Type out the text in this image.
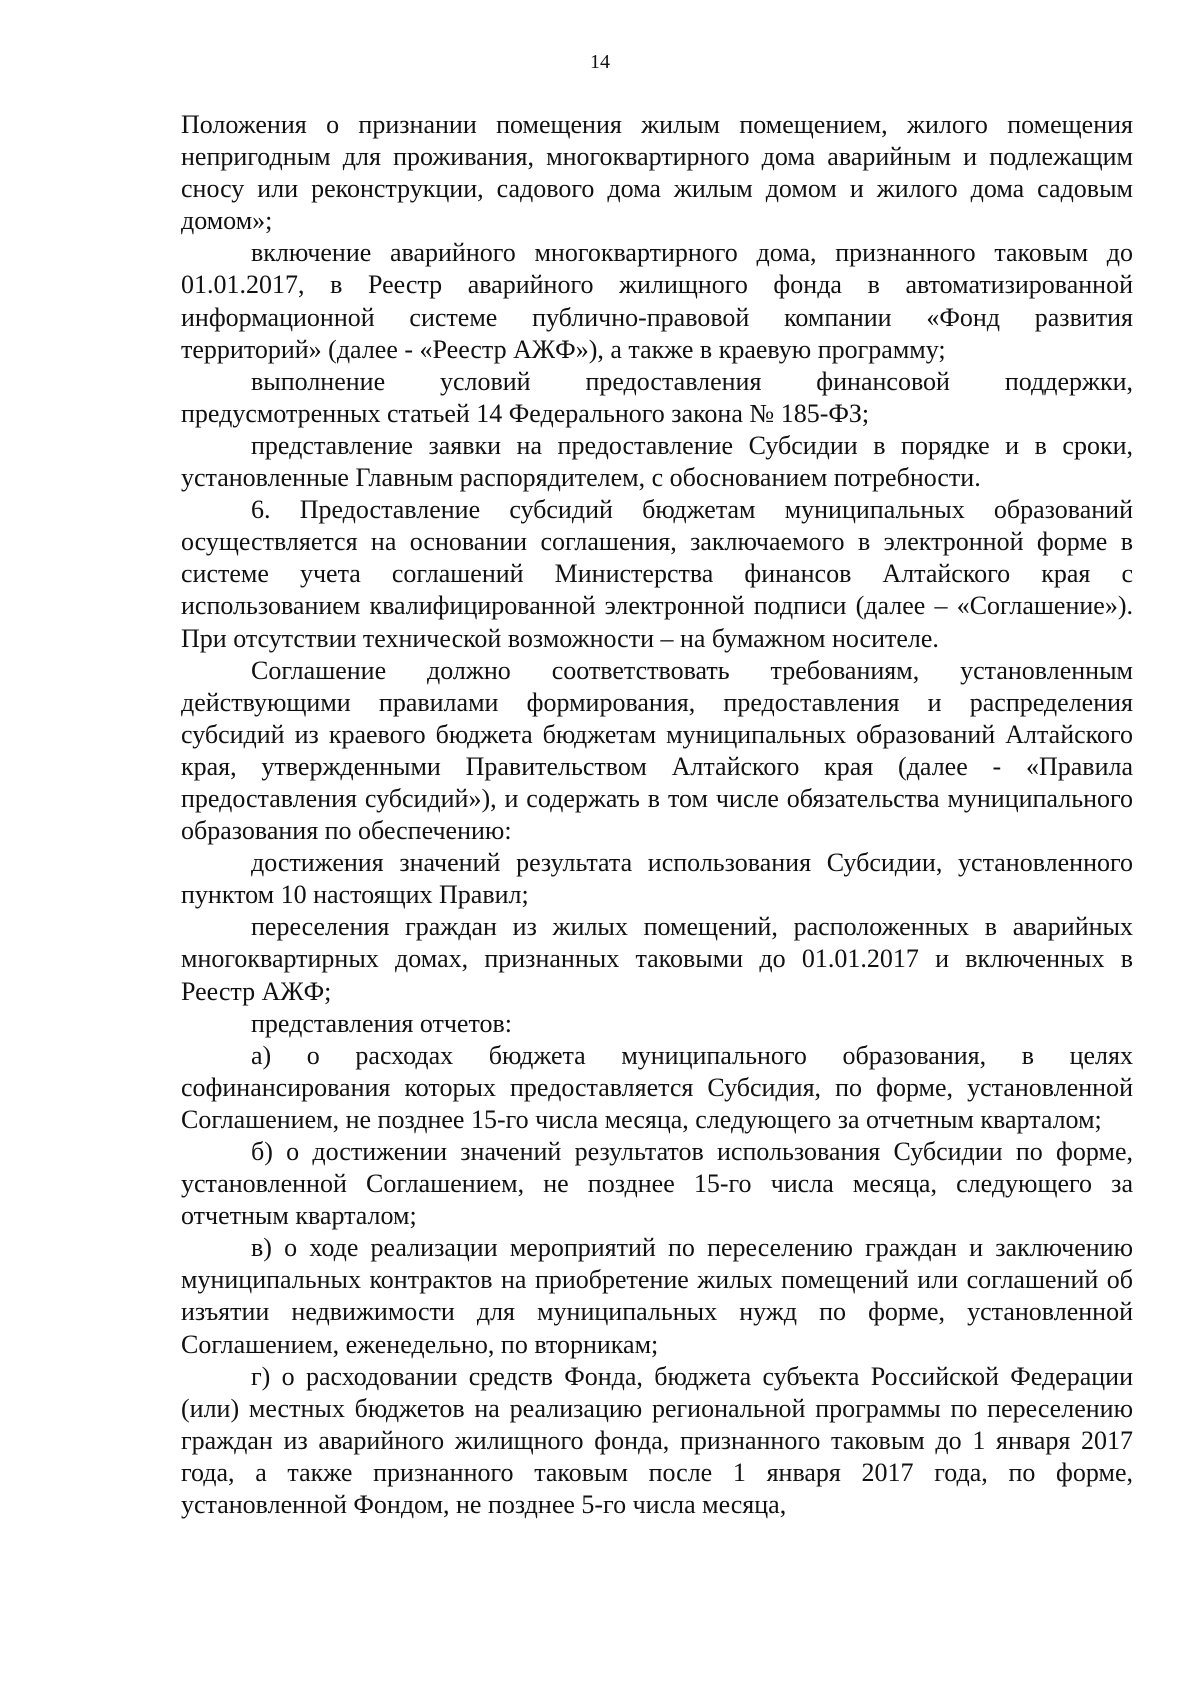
14

Положения о признании помещения жилым помещением, жилого помещения непригодным для проживания, многоквартирного дома аварийным и подлежащим сносу или реконструкции, садового дома жилым домом и жилого дома садовым домом»;

включение аварийного многоквартирного дома, признанного таковым до 01.01.2017, в Реестр аварийного жилищного фонда в автоматизированной информационной системе публично-правовой компании «Фонд развития территорий» (далее - «Реестр АЖФ»), а также в краевую программу;

выполнение условий предоставления финансовой поддержки, предусмотренных статьей 14 Федерального закона № 185-ФЗ;

представление заявки на предоставление Субсидии в порядке и в сроки, установленные Главным распорядителем, с обоснованием потребности.

6. Предоставление субсидий бюджетам муниципальных образований осуществляется на основании соглашения, заключаемого в электронной форме в системе учета соглашений Министерства финансов Алтайского края с использованием квалифицированной электронной подписи (далее – «Соглашение»). При отсутствии технической возможности – на бумажном носителе.

Соглашение должно соответствовать требованиям, установленным действующими правилами формирования, предоставления и распределения субсидий из краевого бюджета бюджетам муниципальных образований Алтайского края, утвержденными Правительством Алтайского края (далее - «Правила предоставления субсидий»), и содержать в том числе обязательства муниципального образования по обеспечению:

достижения значений результата использования Субсидии, установленного пунктом 10 настоящих Правил;

переселения граждан из жилых помещений, расположенных в аварийных многоквартирных домах, признанных таковыми до 01.01.2017 и включенных в Реестр АЖФ;

представления отчетов:

а) о расходах бюджета муниципального образования, в целях софинансирования которых предоставляется Субсидия, по форме, установленной Соглашением, не позднее 15-го числа месяца, следующего за отчетным кварталом;

б) о достижении значений результатов использования Субсидии по форме, установленной Соглашением, не позднее 15-го числа месяца, следующего за отчетным кварталом;

в) о ходе реализации мероприятий по переселению граждан и заключению муниципальных контрактов на приобретение жилых помещений или соглашений об изъятии недвижимости для муниципальных нужд по форме, установленной Соглашением, еженедельно, по вторникам;

г) о расходовании средств Фонда, бюджета субъекта Российской Федерации (или) местных бюджетов на реализацию региональной программы по переселению граждан из аварийного жилищного фонда, признанного таковым до 1 января 2017 года, а также признанного таковым после 1 января 2017 года, по форме, установленной Фондом, не позднее 5-го числа месяца,
